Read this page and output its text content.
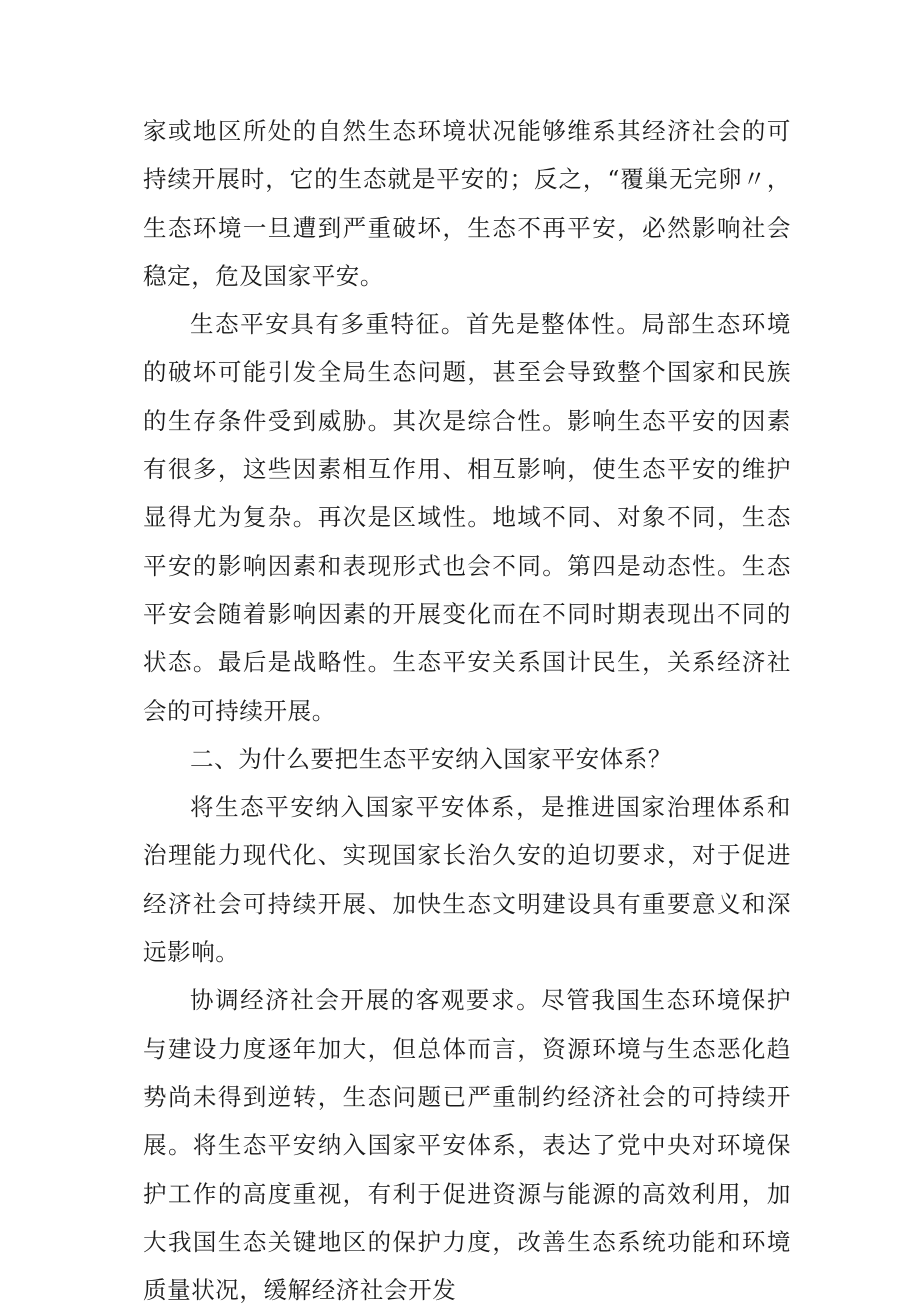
家或地区所处的自然生态环境状况能够维系其经济社会的可持续开展时，它的生态就是平安的；反之，“覆巢无完卵〃，生态环境一旦遭到严重破坏，生态不再平安，必然影响社会稳定，危及国家平安。

生态平安具有多重特征。首先是整体性。局部生态环境的破坏可能引发全局生态问题，甚至会导致整个国家和民族的生存条件受到威胁。其次是综合性。影响生态平安的因素有很多，这些因素相互作用、相互影响，使生态平安的维护显得尤为复杂。再次是区域性。地域不同、对象不同，生态平安的影响因素和表现形式也会不同。第四是动态性。生态平安会随着影响因素的开展变化而在不同时期表现出不同的状态。最后是战略性。生态平安关系国计民生，关系经济社会的可持续开展。

二、为什么要把生态平安纳入国家平安体系？

将生态平安纳入国家平安体系，是推进国家治理体系和治理能力现代化、实现国家长治久安的迫切要求，对于促进经济社会可持续开展、加快生态文明建设具有重要意义和深远影响。

协调经济社会开展的客观要求。尽管我国生态环境保护与建设力度逐年加大，但总体而言，资源环境与生态恶化趋势尚未得到逆转，生态问题已严重制约经济社会的可持续开展。将生态平安纳入国家平安体系，表达了党中央对环境保护工作的高度重视，有利于促进资源与能源的高效利用，加大我国生态关键地区的保护力度，改善生态系统功能和环境质量状况，缓解经济社会开发
